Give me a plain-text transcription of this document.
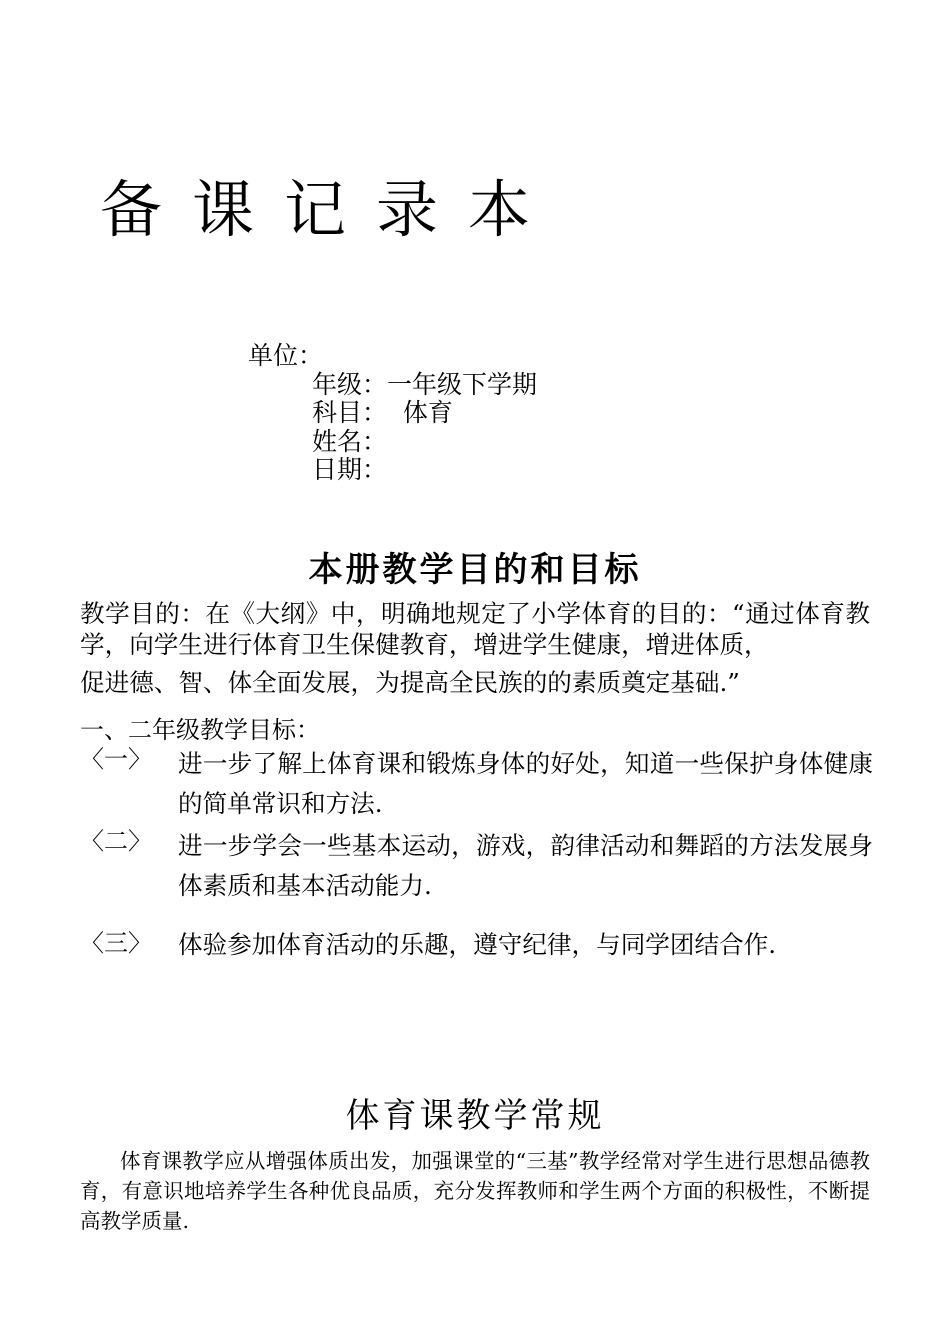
备课记录本
单位：
年级：一年级下学期
科目：  体育
姓名：
日期：
本册教学目的和目标
教学目的：在《大纲》中，明确地规定了小学体育的目的：“通过体育教学，向学生进行体育卫生保健教育，增进学生健康，增进体质，
促进德、智、体全面发展，为提高全民族的的素质奠定基础.”
一、二年级教学目标：
〈一〉 进一步了解上体育课和锻炼身体的好处，知道一些保护身体健康的简单常识和方法.
〈二〉 进一步学会一些基本运动，游戏，韵律活动和舞蹈的方法发展身体素质和基本活动能力.
〈三〉 体验参加体育活动的乐趣，遵守纪律，与同学团结合作.
体育课教学常规
体育课教学应从增强体质出发，加强课堂的“三基”教学经常对学生进行思想品德教育，有意识地培养学生各种优良品质，充分发挥教师和学生两个方面的积极性，不断提高教学质量.
